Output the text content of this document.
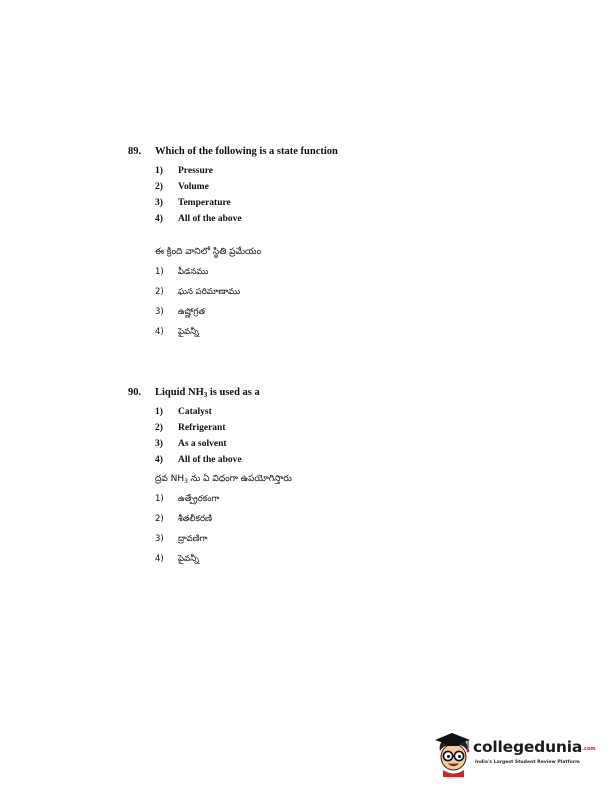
89.	Which of the following is a state function
1)	Pressure
2)	Volume
3)	Temperature
4)	All of the above
ఈ క్రింది వానిలో స్థితి ప్రమేయం
1)	పీడనము
2)	ఘన పరిమాణాము
3)	ఉష్ణోగ్రత
4)	పైవన్నీ
90.	Liquid $NH_3$ is used as a
1)	Catalyst
2)	Refrigerant
3)	As a solvent
4)	All of the above
ద్రవ $NH_3$ ను ఏ విధంగా ఉపయోగిస్తారు
1)	ఉత్ప్రేరకంగా
2)	శీతలీకరణి
3)	ద్రావణిగా
4)	పైవన్నీ
collegedunia.com
India's Largest Student Review Platform
